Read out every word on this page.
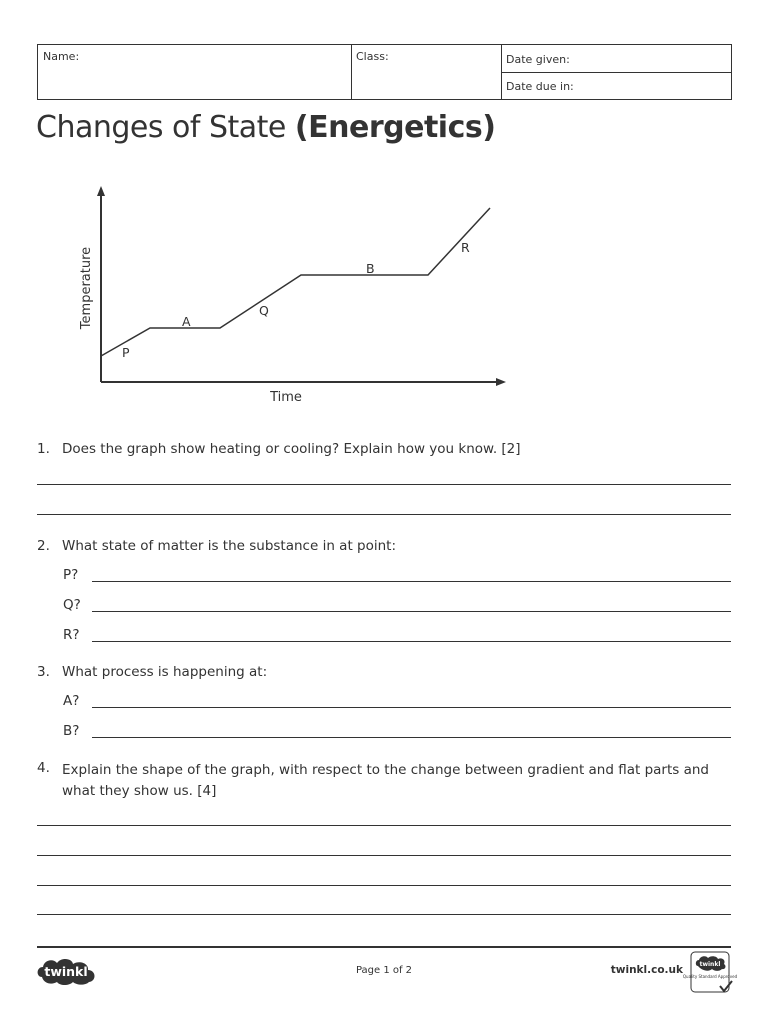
Name:	Class:	Date given:
Date due in:
Changes of State (Energetics)
Temperature
Time
P
A
Q
B
R
1. Does the graph show heating or cooling? Explain how you know. [2]
2. What state of matter is the substance in at point:
P?
Q?
R?
3. What process is happening at:
A?
B?
4. Explain the shape of the graph, with respect to the change between gradient and flat parts and what they show us. [4]
twinkl	Page 1 of 2	twinkl.co.uk	twinkl
Quality Standard Approved
